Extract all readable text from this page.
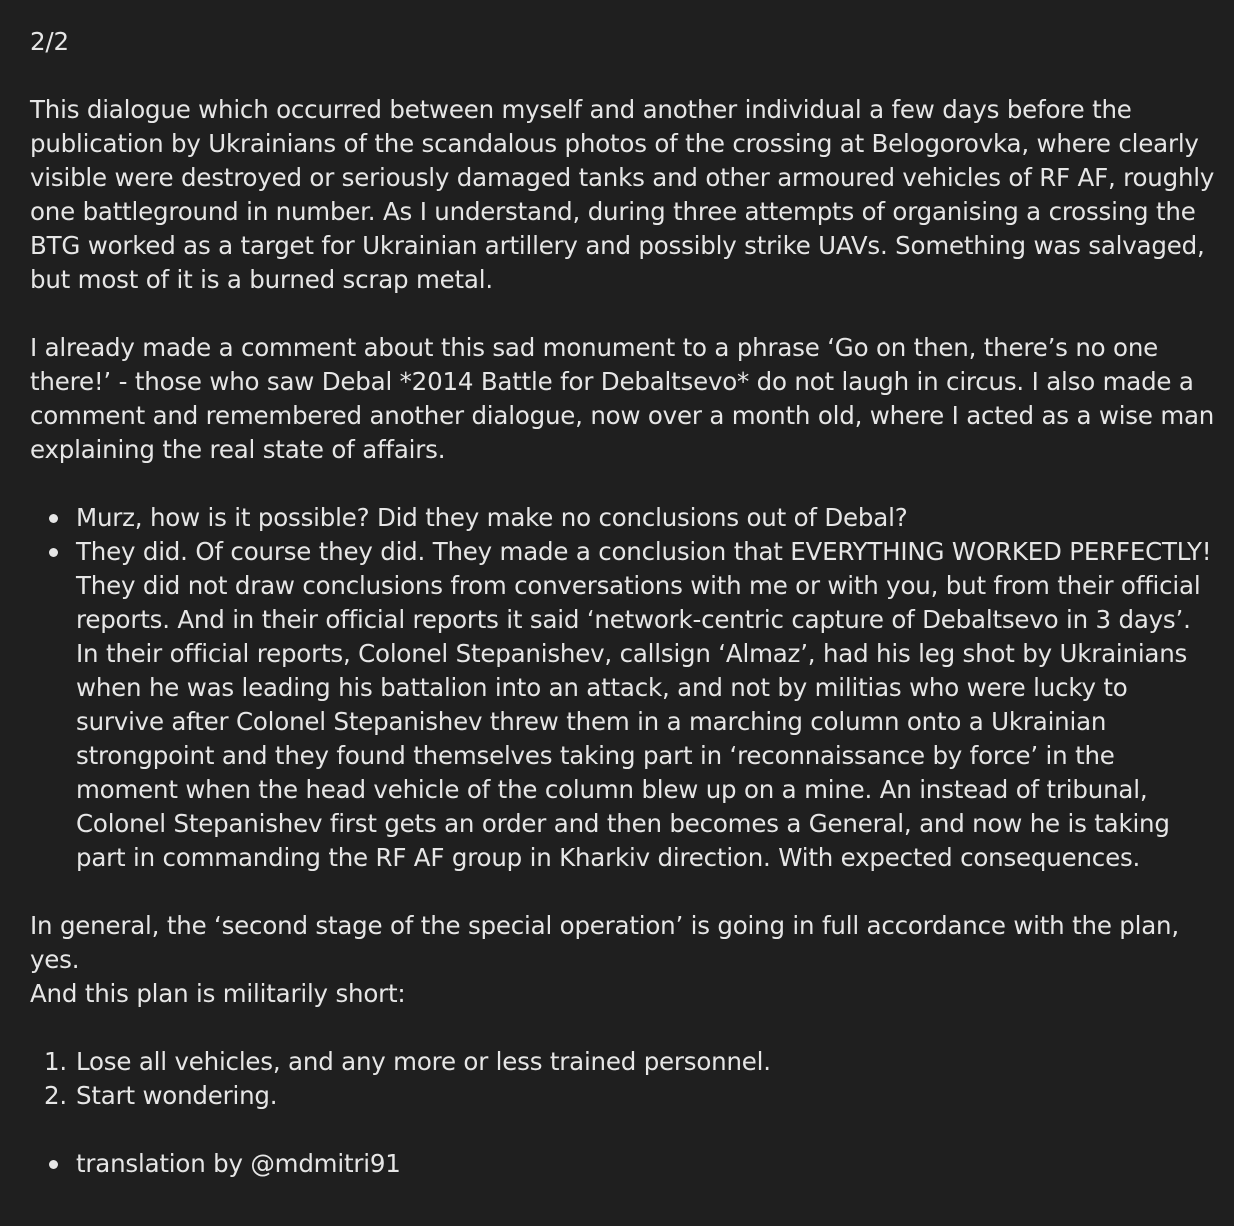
2/2

This dialogue which occurred between myself and another individual a few days before the publication by Ukrainians of the scandalous photos of the crossing at Belogorovka, where clearly visible were destroyed or seriously damaged tanks and other armoured vehicles of RF AF, roughly one battleground in number. As I understand, during three attempts of organising a crossing the BTG worked as a target for Ukrainian artillery and possibly strike UAVs. Something was salvaged, but most of it is a burned scrap metal.

I already made a comment about this sad monument to a phrase ‘Go on then, there’s no one there!’ - those who saw Debal *2014 Battle for Debaltsevo* do not laugh in circus. I also made a comment and remembered another dialogue, now over a month old, where I acted as a wise man explaining the real state of affairs.

Murz, how is it possible? Did they make no conclusions out of Debal?
They did. Of course they did. They made a conclusion that EVERYTHING WORKED PERFECTLY! They did not draw conclusions from conversations with me or with you, but from their official reports. And in their official reports it said ‘network-centric capture of Debaltsevo in 3 days’. In their official reports, Colonel Stepanishev, callsign ‘Almaz’, had his leg shot by Ukrainians when he was leading his battalion into an attack, and not by militias who were lucky to survive after Colonel Stepanishev threw them in a marching column onto a Ukrainian strongpoint and they found themselves taking part in ‘reconnaissance by force’ in the moment when the head vehicle of the column blew up on a mine. An instead of tribunal, Colonel Stepanishev first gets an order and then becomes a General, and now he is taking part in commanding the RF AF group in Kharkiv direction. With expected consequences.

In general, the ‘second stage of the special operation’ is going in full accordance with the plan, yes.

And this plan is militarily short:

1. Lose all vehicles, and any more or less trained personnel.
2. Start wondering.
translation by @mdmitri91
